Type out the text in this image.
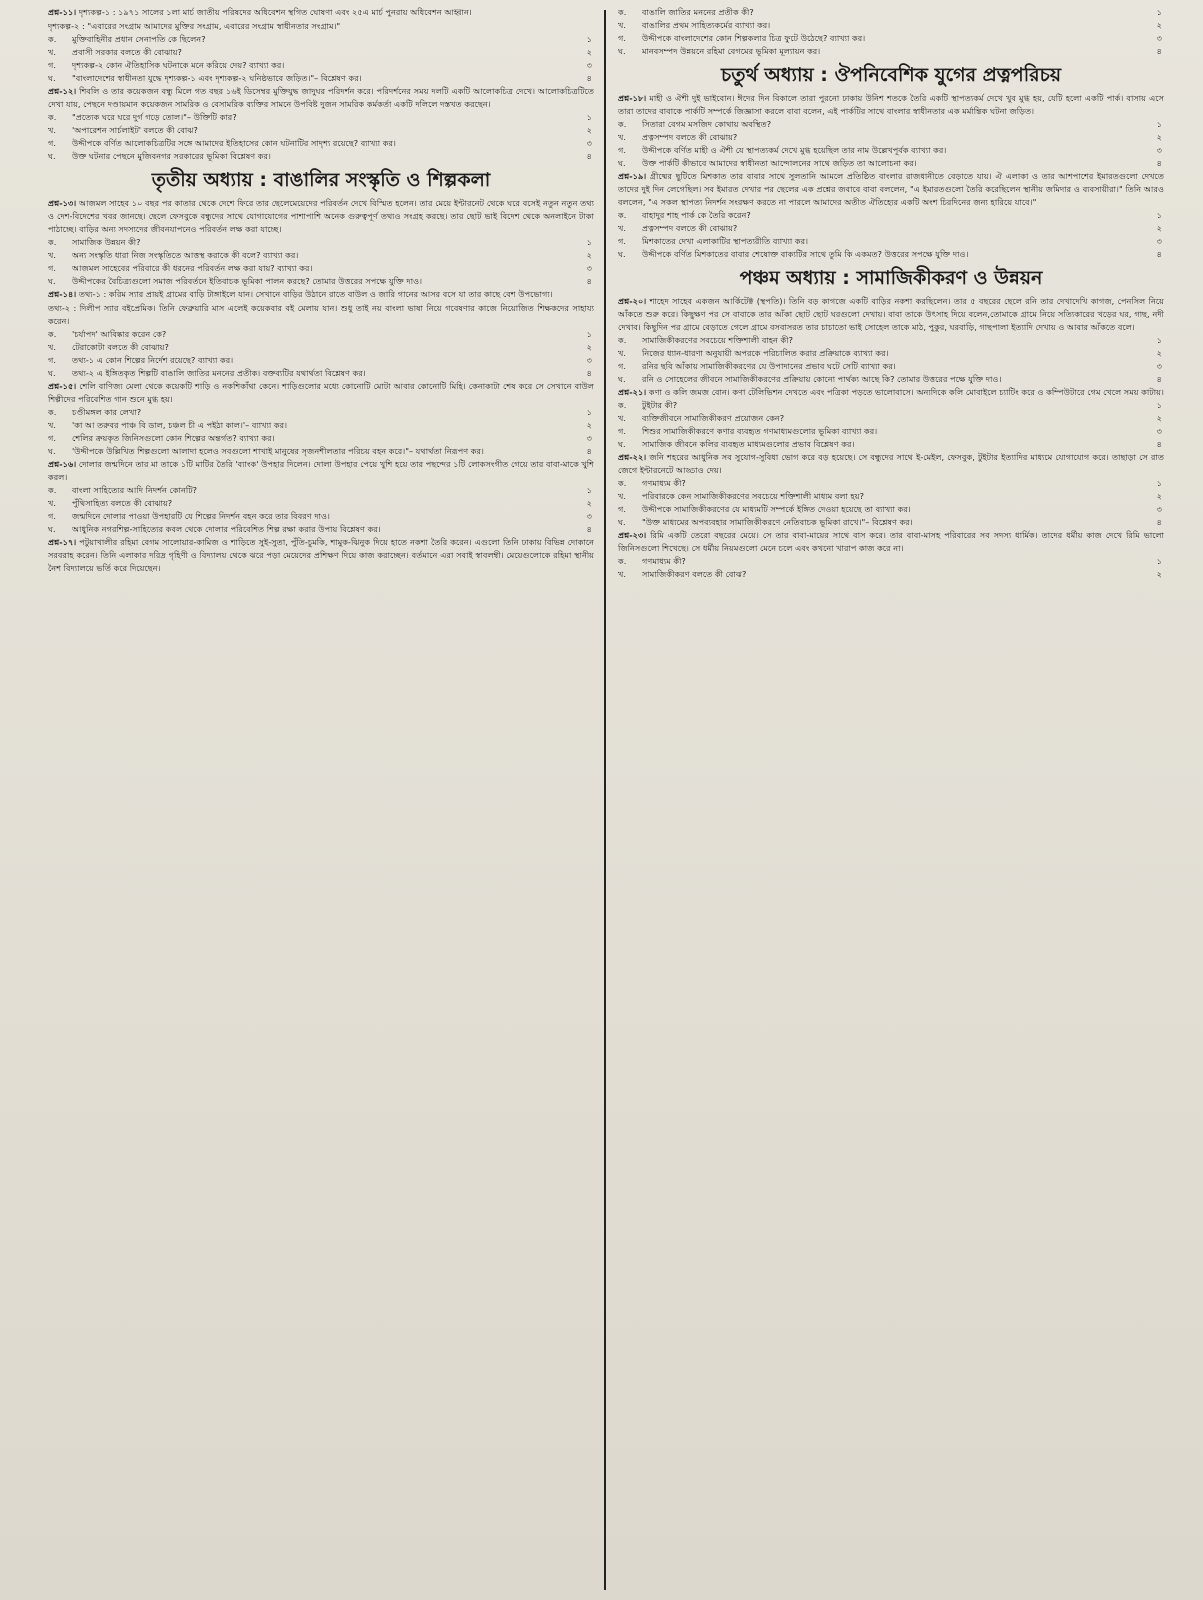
প্রশ্ন-১১। দৃশ্যকল্প-১ : ১৯৭১ সালের ১লা মার্চ জাতীয় পরিষদের অধিবেশন স্থগিত ঘোষণা এবং ২৫এ মার্চ পুনরায় অধিবেশন আহ্বান।

দৃশ্যকল্প-২ : "এবারের সংগ্রাম আমাদের মুক্তির সংগ্রাম, এবারের সংগ্রাম স্বাধীনতার সংগ্রাম।"

ক.	মুক্তিবাহিনীর প্রধান সেনাপতি কে ছিলেন?	১
খ.	প্রবাসী সরকার বলতে কী বোঝায়?	২
গ.	দৃশ্যকল্প-২ কোন ঐতিহাসিক ঘটনাকে মনে করিয়ে দেয়? ব্যাখ্যা কর।	৩
ঘ.	"বাংলাদেশের স্বাধীনতা যুদ্ধে দৃশ্যকল্প-১ এবং দৃশ্যকল্প-২ ঘনিষ্ঠভাবে জড়িত।"– বিশ্লেষণ কর।	৪

প্রশ্ন-১২। শিবলি ও তার কয়েকজন বন্ধু মিলে গত বছর ১৬ই ডিসেম্বর মুক্তিযুদ্ধ জাদুঘর পরিদর্শন করে। পরিদর্শনের সময় দলটি একটি আলোকচিত্র দেখে। আলোকচিত্রটিতে দেখা যায়, পেছনে দণ্ডায়মান কয়েকজন সামরিক ও বেসামরিক ব্যক্তির সামনে উপবিষ্ট দুজন সামরিক কর্মকর্তা একটি দলিলে দস্তখত করছেন।

ক.	"প্রত্যেক ঘরে ঘরে দুর্গ গড়ে তোল।"– উক্তিটি কার?	১
খ.	'অপারেশন সার্চলাইট' বলতে কী বোঝ?	২
গ.	উদ্দীপকে বর্ণিত আলোকচিত্রটির সঙ্গে আমাদের ইতিহাসের কোন ঘটনাটির সাদৃশ্য রয়েছে? ব্যাখ্যা কর।	৩
ঘ.	উক্ত ঘটনার পেছনে মুজিবনগর সরকারের ভূমিকা বিশ্লেষণ কর।	৪
তৃতীয় অধ্যায় : বাঙালির সংস্কৃতি ও শিল্পকলা

প্রশ্ন-১৩। আজমল সাহেব ১০ বছর পর কাতার থেকে দেশে ফিরে তার ছেলেমেয়েদের পরিবর্তন দেখে বিস্মিত হলেন। তার মেয়ে ইন্টারনেট থেকে ঘরে বসেই নতুন নতুন তথ্য ও দেশ-বিদেশের খবর জানছে। ছেলে ফেসবুকে বন্ধুদের সাথে যোগাযোগের পাশাপাশি অনেক গুরুত্বপূর্ণ তথ্যও সংগ্রহ করছে। তার ছোট ভাই বিদেশ থেকে অনলাইনে টাকা পাঠাচ্ছে। বাড়ির অন্য সদস্যদের জীবনযাপনেও পরিবর্তন লক্ষ করা যাচ্ছে।

ক.	সামাজিক উন্নয়ন কী?	১
খ.	অন্য সংস্কৃতি ধারা নিজ সংস্কৃতিতে আত্তস্থ করাকে কী বলে? ব্যাখ্যা কর।	২
গ.	আজমল সাহেবের পরিবারে কী ধরনের পরিবর্তন লক্ষ করা যায়? ব্যাখ্যা কর।	৩
ঘ.	উদ্দীপকের বৈচিত্র্যগুলো সমাজ পরিবর্তনে ইতিবাচক ভূমিকা পালন করছে? তোমার উত্তরের সপক্ষে যুক্তি দাও।	৪

প্রশ্ন-১৪। তথ্য-১ : করিম স্যার প্রায়ই গ্রামের বাড়ি টাঙ্গাইলে যান। সেখানে বাড়ির উঠানে রাতে বাউল ও জারি গানের আসর বসে যা তার কাছে বেশ উপভোগ্য।

তথ্য-২ : দিলীপ স্যার বইপ্রেমিক। তিনি ফেব্রুয়ারি মাস এলেই কয়েকবার বই মেলায় যান। শুধু তাই নয় বাংলা ভাষা নিয়ে গবেষণার কাজে নিয়োজিত শিক্ষকদের সাহায্য করেন।

ক.	'চর্যাপদ' আবিষ্কার করেন কে?	১
খ.	টেরাকোটা বলতে কী বোঝায়?	২
গ.	তথ্য-১ এ কোন শিল্পের নির্দেশ রয়েছে? ব্যাখ্যা কর।	৩
ঘ.	তথ্য-২ এ ইঙ্গিতকৃত শিল্পটি বাঙালি জাতির মননের প্রতীক। বক্তব্যটির যথার্থতা বিশ্লেষণ কর।	৪

প্রশ্ন-১৫। শেলি বাণিজ্য মেলা থেকে কয়েকটি শাড়ি ও নকশিকাঁথা কেনে। শাড়িগুলোর মধ্যে কোনোটি মোটা আবার কোনোটি মিহি। কেনাকাটা শেষ করে সে সেখানে বাউল শিল্পীদের পরিবেশিত গান শুনে মুগ্ধ হয়।

ক.	চণ্ডীমঙ্গল কার লেখা?	১
খ.	'কা আ তরুবর পাঞ্চ বি ডাল, চঞ্চল চী এ পইঠা কাল।'– ব্যাখ্যা কর।	২
গ.	শেলির ক্রয়কৃত জিনিসগুলো কোন শিল্পের অন্তর্গত? ব্যাখ্যা কর।	৩
ঘ.	'উদ্দীপকে উল্লিখিত শিল্পগুলো আলাদা হলেও সবগুলো শাখাই মানুষের সৃজনশীলতার পরিচয় বহন করে।"– যথার্থতা নিরূপণ কর।	৪

প্রশ্ন-১৬। দোলার জন্মদিনে তার মা তাকে ১টি মাটির তৈরি 'ব্যাংক' উপহার দিলেন। দোলা উপহার পেয়ে খুশি হয়ে তার পছন্দের ১টি লোকসংগীত গেয়ে তার বাবা-মাকে খুশি করল।

ক.	বাংলা সাহিত্যের আদি নিদর্শন কোনটি?	১
খ.	পুঁথিসাহিত্য বলতে কী বোঝায়?	২
গ.	জন্মদিনে দোলার পাওয়া উপহারটি যে শিল্পের নিদর্শন বহন করে তার বিবরণ দাও।	৩
ঘ.	আধুনিক নগরশিল্প-সাহিত্যের কবল থেকে দোলার পরিবেশিত শিল্প রক্ষা করার উপায় বিশ্লেষণ কর।	৪

প্রশ্ন-১৭। পটুয়াখালীর রহিমা বেগম সালোয়ার-কামিজ ও শাড়িতে সুই-সুতা, পুঁতি-চুমকি, শামুক-ঝিনুক দিয়ে হাতে নকশা তৈরি করেন। এগুলো তিনি ঢাকায় বিভিন্ন দোকানে সরবরাহ করেন। তিনি এলাকার দরিদ্র গৃহিণী ও বিদ্যালয় থেকে ঝরে পড়া মেয়েদের প্রশিক্ষণ দিয়ে কাজ করাচ্ছেন। বর্তমানে এরা সবাই স্বাবলম্বী। মেয়েগুলোকে রহিমা স্থানীয় নৈশ বিদ্যালয়ে ভর্তি করে দিয়েছেন।

ক.	বাঙালি জাতির মননের প্রতীক কী?	১
খ.	বাঙালির প্রথম সাহিত্যকর্মের ব্যাখ্যা কর।	২
গ.	উদ্দীপকে বাংলাদেশের কোন শিল্পকলার চিত্র ফুটে উঠেছে? ব্যাখ্যা কর।	৩
ঘ.	মানবসম্পদ উন্নয়নে রহিমা বেগমের ভূমিকা মূল্যায়ন কর।	৪
চতুর্থ অধ্যায় : ঔপনিবেশিক যুগের প্রত্নপরিচয়

প্রশ্ন-১৮। মাহী ও ঐশী দুই ভাইবোন। ঈদের দিন বিকালে তারা পুরনো ঢাকায় উনিশ শতকে তৈরি একটি স্থাপত্যকর্ম দেখে খুব মুগ্ধ হয়, যেটি হলো একটি পার্ক। বাসায় এসে তারা তাদের বাবাকে পার্কটি সম্পর্কে জিজ্ঞাসা করলে বাবা বলেন, এই পার্কটির সাথে বাংলার স্বাধীনতার এক মর্মান্তিক ঘটনা জড়িত।

ক.	সিতারা বেগম মসজিদ কোথায় অবস্থিত?	১
খ.	প্রত্নসম্পদ বলতে কী বোঝায়?	২
গ.	উদ্দীপকে বর্ণিত মাহী ও ঐশী যে স্থাপত্যকর্ম দেখে মুগ্ধ হয়েছিল তার নাম উল্লেখপূর্বক ব্যাখ্যা কর।	৩
ঘ.	উক্ত পার্কটি কীভাবে আমাদের স্বাধীনতা আন্দোলনের সাথে জড়িত তা আলোচনা কর।	৪

প্রশ্ন-১৯। গ্রীষ্মের ছুটিতে মিশকাত তার বাবার সাথে সুলতানি আমলে প্রতিষ্ঠিত বাংলার রাজধানীতে বেড়াতে যায়। ঐ এলাকা ও তার আশপাশের ইমারতগুলো দেখতে তাদের দুই দিন লেগেছিল। সব ইমারত দেখার পর ছেলের এক প্রশ্নের জবাবে বাবা বললেন, "এ ইমারতগুলো তৈরি করেছিলেন স্থানীয় জমিদার ও ব্যবসায়ীরা।" তিনি আরও বললেন, "এ সকল স্থাপত্য নিদর্শন সংরক্ষণ করতে না পারলে আমাদের অতীত ঐতিহ্যের একটি অংশ চিরদিনের জন্য হারিয়ে যাবে।"

ক.	বাহাদুর শাহ পার্ক কে তৈরি করেন?	১
খ.	প্রত্নসম্পদ বলতে কী বোঝায়?	২
গ.	মিশকাতের দেখা এলাকাটির স্থাপত্যরীতি ব্যাখ্যা কর।	৩
ঘ.	উদ্দীপকে বর্ণিত মিশকাতের বাবার শেষোক্ত বাক্যটির সাথে তুমি কি একমত? উত্তরের সপক্ষে যুক্তি দাও।	৪
পঞ্চম অধ্যায় : সামাজিকীকরণ ও উন্নয়ন

প্রশ্ন-২০। শাহেদ সাহেব একজন আর্কিটেক্ট (স্থপতি)। তিনি বড় কাগজে একটি বাড়ির নকশা করছিলেন। তার ৫ বছরের ছেলে রনি তার দেখাদেখি কাগজ, পেনসিল নিয়ে আঁকতে শুরু করে। কিছুক্ষণ পর সে বাবাকে তার আঁকা ছোট ছোট ঘরগুলো দেখায়। বাবা তাকে উৎসাহ দিয়ে বলেন,তোমাকে গ্রামে নিয়ে সত্যিকারের খড়ের ঘর, গাছ, নদী দেখাব। কিছুদিন পর গ্রামে বেড়াতে গেলে গ্রামে বসবাসরত তার চাচাতো ভাই সোহেল তাকে মাঠ, পুকুর, ঘরবাড়ি, গাছপালা ইত্যাদি দেখায় ও আবার আঁকতে বলে।

ক.	সামাজিকীকরণের সবচেয়ে শক্তিশালী বাহন কী?	১
খ.	নিজের ধ্যান-ধারণা অনুযায়ী অপরকে পরিচালিত করার প্রক্রিয়াকে ব্যাখ্যা কর।	২
গ.	রনির ছবি আঁকায় সামাজিকীকরণের যে উপাদানের প্রভাব ঘটে সেটি ব্যাখ্যা কর।	৩
ঘ.	রনি ও সোহেলের জীবনে সামাজিকীকরণের প্রক্রিয়ায় কোনো পার্থক্য আছে কি? তোমার উত্তরের পক্ষে যুক্তি দাও।	৪

প্রশ্ন-২১। কণা ও কলি জমজ বোন। কণা টেলিভিশন দেখতে এবং পত্রিকা পড়তে ভালোবাসে। অন্যদিকে কলি মোবাইলে চ্যাটিং করে ও কম্পিউটারে গেম খেলে সময় কাটায়।

ক.	টুইটার কী?	১
খ.	ব্যক্তিজীবনে সামাজিকীকরণ প্রয়োজন কেন?	২
গ.	শিশুর সামাজিকীকরণে কণার ব্যবহৃত গণমাধ্যমগুলোর ভূমিকা ব্যাখ্যা কর।	৩
ঘ.	সামাজিক জীবনে কলির ব্যবহৃত মাধ্যমগুলোর প্রভাব বিশ্লেষণ কর।	৪

প্রশ্ন-২২। জনি শহরের আধুনিক সব সুযোগ-সুবিধা ভোগ করে বড় হয়েছে। সে বন্ধুদের সাথে ই-মেইল, ফেসবুক, টুইটার ইত্যাদির মাধ্যমে যোগাযোগ করে। তাছাড়া সে রাত জেগে ইন্টারনেটে আড্ডাও দেয়।

ক.	গণমাধ্যম কী?	১
খ.	পরিবারকে কেন সামাজিকীকরণের সবচেয়ে শক্তিশালী মাধ্যম বলা হয়?	২
গ.	উদ্দীপকে সামাজিকীকরণের যে মাধ্যমটি সম্পর্কে ইঙ্গিত দেওয়া হয়েছে তা ব্যাখ্যা কর।	৩
ঘ.	"উক্ত মাধ্যমের অপব্যবহার সামাজিকীকরণে নেতিবাচক ভূমিকা রাখে।"– বিশ্লেষণ কর।	৪

প্রশ্ন-২৩। রিমি একটি তেরো বছরের মেয়ে। সে তার বাবা-মায়ের সাথে বাস করে। তার বাবা-মাসহ পরিবারের সব সদস্য ধার্মিক। তাদের ধর্মীয় কাজ দেখে রিমি ভালো জিনিসগুলো শিখেছে। সে ধর্মীয় নিয়মগুলো মেনে চলে এবং কখনো খারাপ কাজ করে না।

ক.	গণমাধ্যম কী?	১
খ.	সামাজিকীকরণ বলতে কী বোঝ?	২
